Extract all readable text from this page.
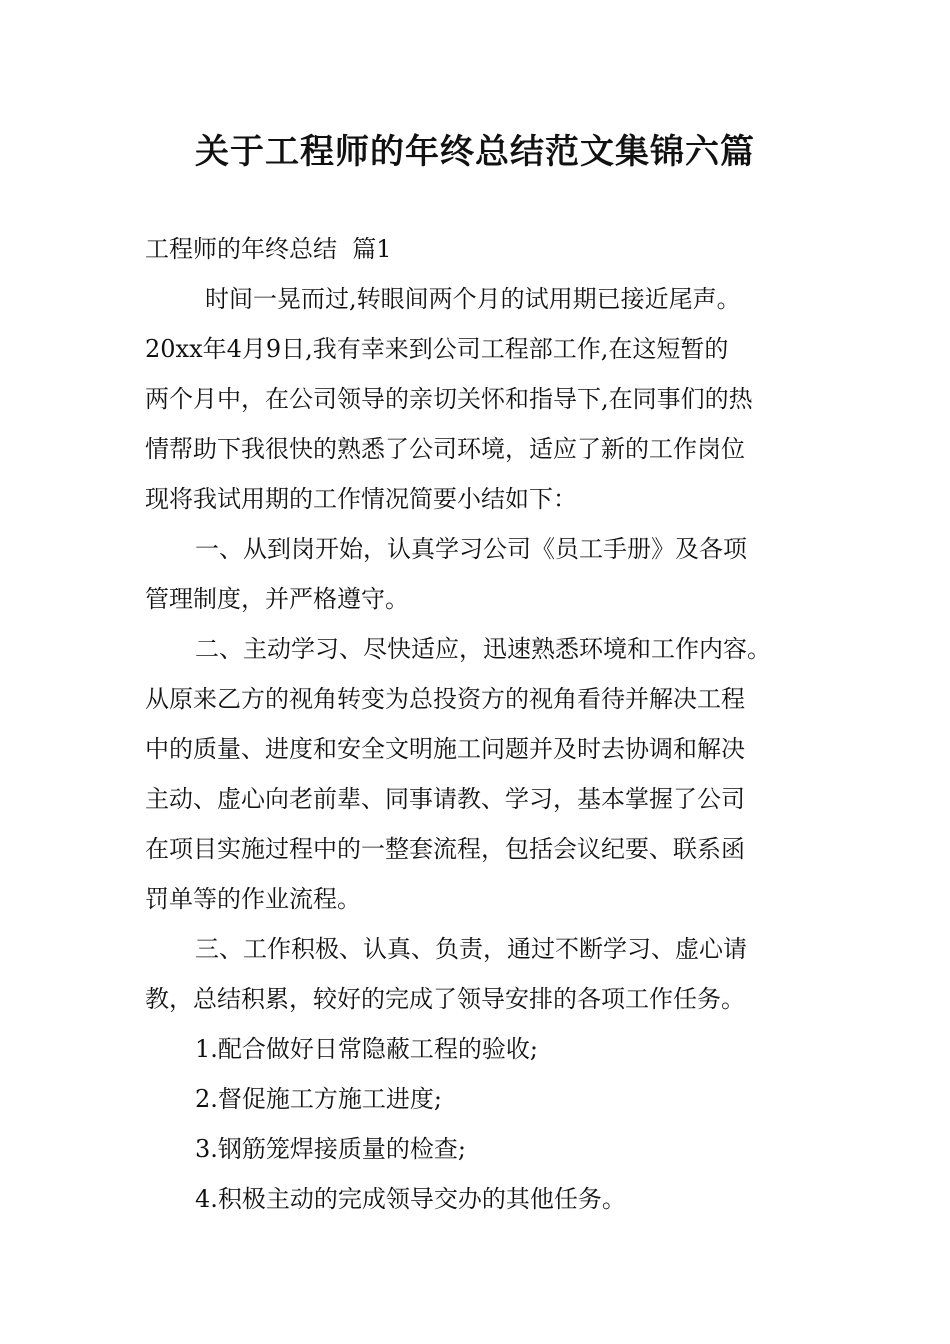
关于工程师的年终总结范文集锦六篇
工程师的年终总结  篇1
时间一晃而过,转眼间两个月的试用期已接近尾声。
20xx年4月9日,我有幸来到公司工程部工作,在这短暂的
两个月中，在公司领导的亲切关怀和指导下,在同事们的热
情帮助下我很快的熟悉了公司环境，适应了新的工作岗位
现将我试用期的工作情况简要小结如下：
一、从到岗开始，认真学习公司《员工手册》及各项
管理制度，并严格遵守。
二、主动学习、尽快适应，迅速熟悉环境和工作内容。
从原来乙方的视角转变为总投资方的视角看待并解决工程
中的质量、进度和安全文明施工问题并及时去协调和解决
主动、虚心向老前辈、同事请教、学习，基本掌握了公司
在项目实施过程中的一整套流程，包括会议纪要、联系函
罚单等的作业流程。
三、工作积极、认真、负责，通过不断学习、虚心请
教，总结积累，较好的完成了领导安排的各项工作任务。
1.配合做好日常隐蔽工程的验收;
2.督促施工方施工进度;
3.钢筋笼焊接质量的检查;
4.积极主动的完成领导交办的其他任务。
